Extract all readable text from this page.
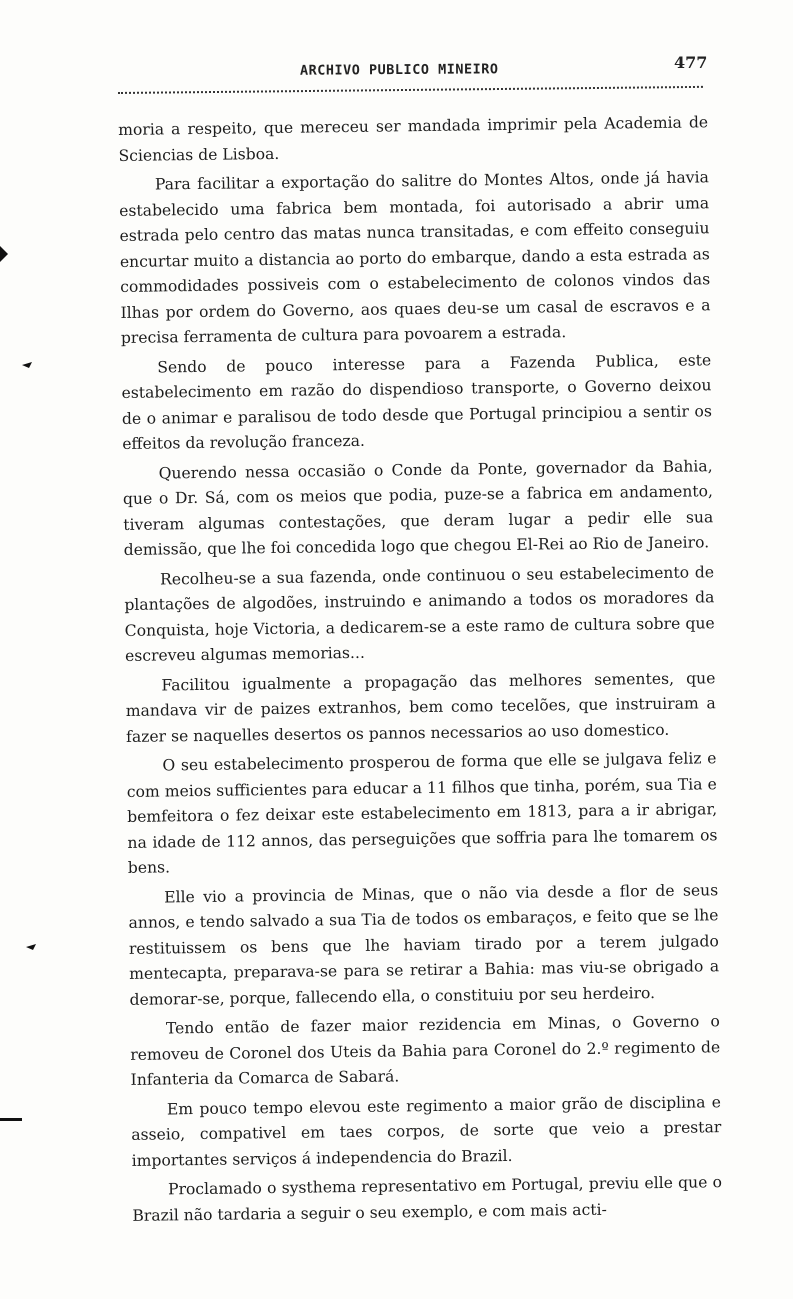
ARCHIVO PUBLICO MINEIRO	477

moria a respeito, que mereceu ser mandada imprimir pela Academia de Sciencias de Lisboa.

Para facilitar a exportação do salitre do Montes Altos, onde já havia estabelecido uma fabrica bem montada, foi autorisado a abrir uma estrada pelo centro das matas nunca transitadas, e com effeito conseguiu encurtar muito a distancia ao porto do embarque, dando a esta estrada as commodidades possiveis com o estabelecimento de colonos vindos das Ilhas por ordem do Governo, aos quaes deu-se um casal de escravos e a precisa ferramenta de cultura para povoarem a estrada.

Sendo de pouco interesse para a Fazenda Publica, este estabelecimento em razão do dispendioso transporte, o Governo deixou de o animar e paralisou de todo desde que Portugal principiou a sentir os effeitos da revolução franceza.

Querendo nessa occasião o Conde da Ponte, governador da Bahia, que o Dr. Sá, com os meios que podia, puze-se a fabrica em andamento, tiveram algumas contestações, que deram lugar a pedir elle sua demissão, que lhe foi concedida logo que chegou El-Rei ao Rio de Janeiro.

Recolheu-se a sua fazenda, onde continuou o seu estabelecimento de plantações de algodões, instruindo e animando a todos os moradores da Conquista, hoje Victoria, a dedicarem-se a este ramo de cultura sobre que escreveu algumas memorias...

Facilitou igualmente a propagação das melhores sementes, que mandava vir de paizes extranhos, bem como tecelões, que instruiram a fazer se naquelles desertos os pannos necessarios ao uso domestico.

O seu estabelecimento prosperou de forma que elle se julgava feliz e com meios sufficientes para educar a 11 filhos que tinha, porém, sua Tia e bemfeitora o fez deixar este estabelecimento em 1813, para a ir abrigar, na idade de 112 annos, das perseguições que soffria para lhe tomarem os bens.

Elle vio a provincia de Minas, que o não via desde a flor de seus annos, e tendo salvado a sua Tia de todos os embaraços, e feito que se lhe restituissem os bens que lhe haviam tirado por a terem julgado mentecapta, preparava-se para se retirar a Bahia: mas viu-se obrigado a demorar-se, porque, fallecendo ella, o constituiu por seu herdeiro.

Tendo então de fazer maior rezidencia em Minas, o Governo o removeu de Coronel dos Uteis da Bahia para Coronel do 2.º regimento de Infanteria da Comarca de Sabará.

Em pouco tempo elevou este regimento a maior grão de disciplina e asseio, compativel em taes corpos, de sorte que veio a prestar importantes serviços á independencia do Brazil.

Proclamado o systhema representativo em Portugal, previu elle que o Brazil não tardaria a seguir o seu exemplo, e com mais acti-
